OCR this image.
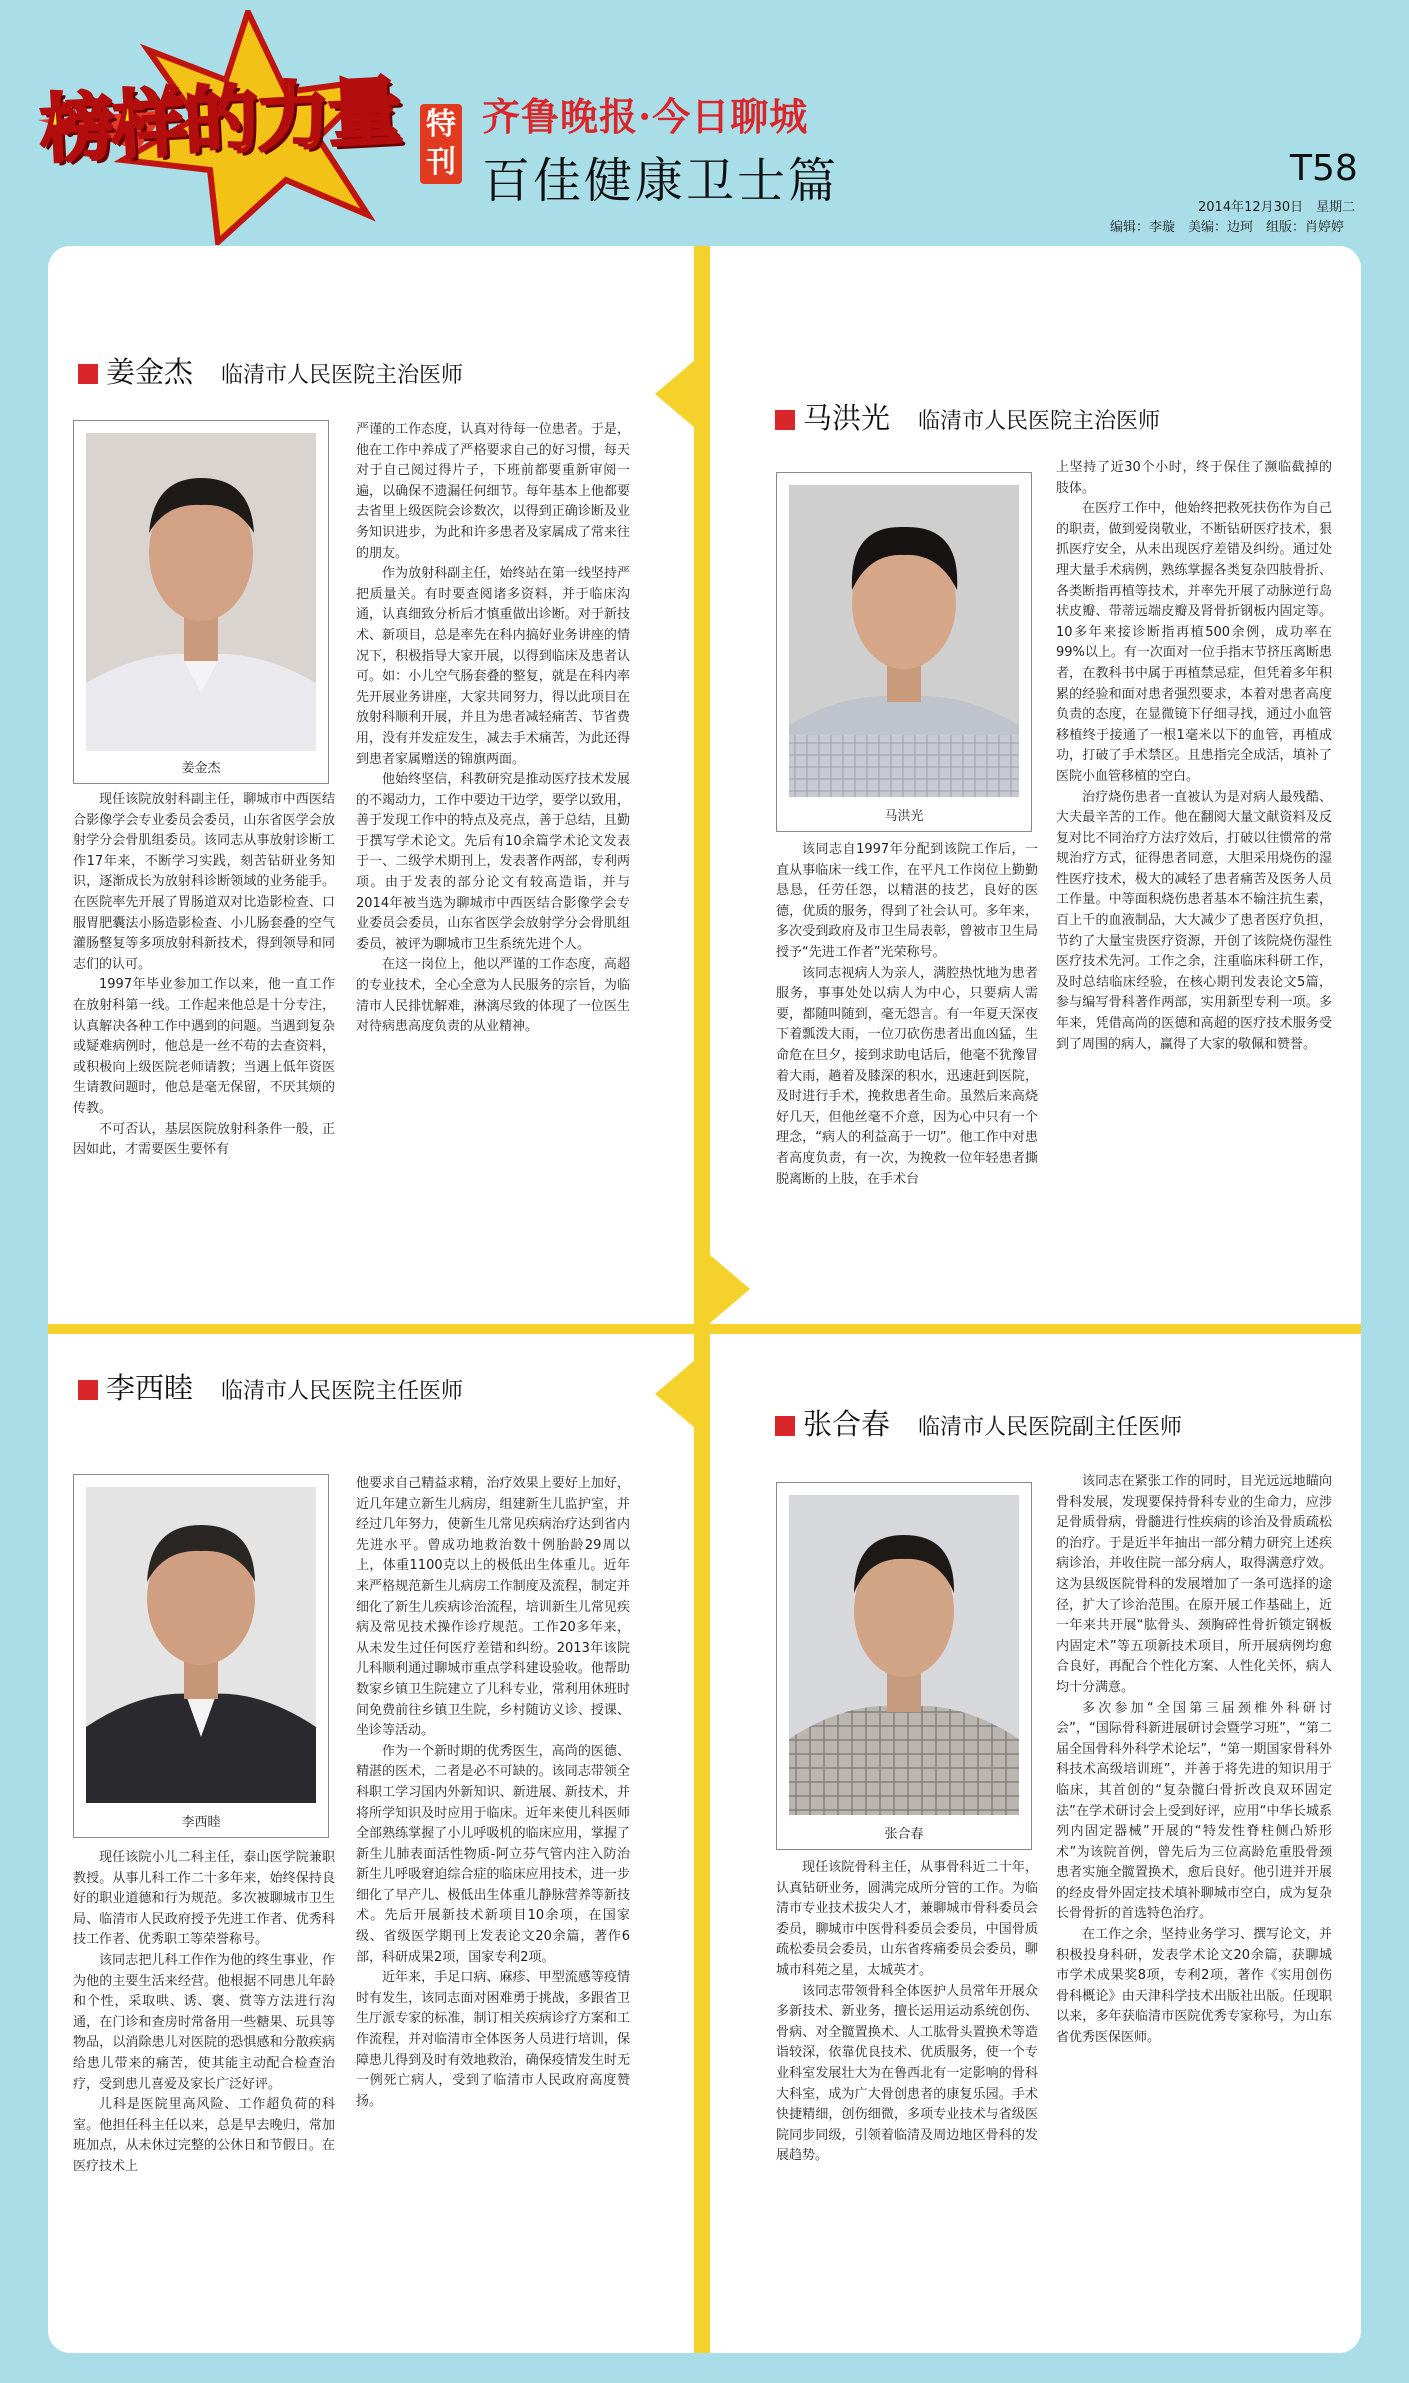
榜样的力量 特
刊
齐鲁晚报·今日聊城
百佳健康卫士篇	T58
2014年12月30日　星期二
编辑：李璇　美编：边珂　组版：肖婷婷
姜金杰 临清市人民医院主治医师
姜金杰

现任该院放射科副主任，聊城市中西医结合影像学会专业委员会委员，山东省医学会放射学分会骨肌组委员。该同志从事放射诊断工作17年来，不断学习实践，刻苦钻研业务知识，逐渐成长为放射科诊断领域的业务能手。在医院率先开展了胃肠道双对比造影检查、口服胃肥囊法小肠造影检查、小儿肠套叠的空气灌肠整复等多项放射科新技术，得到领导和同志们的认可。

1997年毕业参加工作以来，他一直工作在放射科第一线。工作起来他总是十分专注，认真解决各种工作中遇到的问题。当遇到复杂或疑难病例时，他总是一丝不苟的去查资料，或积极向上级医院老师请教；当遇上低年资医生请教问题时，他总是毫无保留，不厌其烦的传教。

不可否认，基层医院放射科条件一般，正因如此，才需要医生要怀有

严谨的工作态度，认真对待每一位患者。于是，他在工作中养成了严格要求自己的好习惯，每天对于自己阅过得片子，下班前都要重新审阅一遍，以确保不遗漏任何细节。每年基本上他都要去省里上级医院会诊数次，以得到正确诊断及业务知识进步，为此和许多患者及家属成了常来往的朋友。

作为放射科副主任，始终站在第一线坚持严把质量关。有时要查阅诸多资料，并于临床沟通，认真细致分析后才慎重做出诊断。对于新技术、新项目，总是率先在科内搞好业务讲座的情况下，积极指导大家开展，以得到临床及患者认可。如：小儿空气肠套叠的整复，就是在科内率先开展业务讲座，大家共同努力，得以此项目在放射科顺利开展，并且为患者减轻痛苦、节省费用，没有并发症发生，减去手术痛苦，为此还得到患者家属赠送的锦旗两面。

他始终坚信，科教研究是推动医疗技术发展的不竭动力，工作中要边干边学，要学以致用，善于发现工作中的特点及亮点，善于总结，且勤于撰写学术论文。先后有10余篇学术论文发表于一、二级学术期刊上，发表著作两部，专利两项。由于发表的部分论文有较高造诣，并与2014年被当选为聊城市中西医结合影像学会专业委员会委员，山东省医学会放射学分会骨肌组委员，被评为聊城市卫生系统先进个人。

在这一岗位上，他以严谨的工作态度，高超的专业技术，全心全意为人民服务的宗旨，为临清市人民排忧解难，淋漓尽致的体现了一位医生对待病患高度负责的从业精神。

马洪光 临清市人民医院主治医师
马洪光

该同志自1997年分配到该院工作后，一直从事临床一线工作，在平凡工作岗位上勤勤恳恳，任劳任怨，以精湛的技艺，良好的医德，优质的服务，得到了社会认可。多年来，多次受到政府及市卫生局表彰，曾被市卫生局授予“先进工作者”光荣称号。

该同志视病人为亲人，满腔热忱地为患者服务，事事处处以病人为中心，只要病人需要，都随叫随到，毫无怨言。有一年夏天深夜下着瓢泼大雨，一位刀砍伤患者出血凶猛，生命危在旦夕，接到求助电话后，他毫不犹豫冒着大雨，趟着及膝深的积水，迅速赶到医院，及时进行手术，挽救患者生命。虽然后来高烧好几天，但他丝毫不介意，因为心中只有一个理念，“病人的利益高于一切”。他工作中对患者高度负责，有一次，为挽救一位年轻患者撕脱离断的上肢，在手术台

上坚持了近30个小时，终于保住了濒临截掉的肢体。

在医疗工作中，他始终把救死扶伤作为自己的职责，做到爱岗敬业，不断钻研医疗技术，狠抓医疗安全，从未出现医疗差错及纠纷。通过处理大量手术病例，熟练掌握各类复杂四肢骨折、各类断指再植等技术，并率先开展了动脉逆行岛状皮瓣、带蒂远端皮瓣及肾骨折钢板内固定等。10多年来接诊断指再植500余例，成功率在99%以上。有一次面对一位手指末节挤压离断患者，在教科书中属于再植禁忌症，但凭着多年积累的经验和面对患者强烈要求，本着对患者高度负责的态度，在显微镜下仔细寻找，通过小血管移植终于接通了一根1毫米以下的血管，再植成功，打破了手术禁区。且患指完全成活，填补了医院小血管移植的空白。

治疗烧伤患者一直被认为是对病人最残酷、大夫最辛苦的工作。他在翻阅大量文献资料及反复对比不同治疗方法疗效后，打破以往惯常的常规治疗方式，征得患者同意，大胆采用烧伤的湿性医疗技术，极大的减轻了患者痛苦及医务人员工作量。中等面积烧伤患者基本不输注抗生素，百上千的血液制品，大大减少了患者医疗负担，节约了大量宝贵医疗资源，开创了该院烧伤湿性医疗技术先河。工作之余，注重临床科研工作，及时总结临床经验，在核心期刊发表论文5篇，参与编写骨科著作两部，实用新型专利一项。多年来，凭借高尚的医德和高超的医疗技术服务受到了周围的病人，赢得了大家的敬佩和赞誉。

李西睦 临清市人民医院主任医师
李西睦

现任该院小儿二科主任，泰山医学院兼职教授。从事儿科工作二十多年来，始终保持良好的职业道德和行为规范。多次被聊城市卫生局、临清市人民政府授予先进工作者、优秀科技工作者、优秀职工等荣誉称号。

该同志把儿科工作作为他的终生事业，作为他的主要生活来经营。他根据不同患儿年龄和个性，采取哄、诱、褒、赏等方法进行沟通，在门诊和查房时常备用一些糖果、玩具等物品，以消除患儿对医院的恐惧感和分散疾病给患儿带来的痛苦，使其能主动配合检查治疗，受到患儿喜爱及家长广泛好评。

儿科是医院里高风险、工作超负荷的科室。他担任科主任以来，总是早去晚归，常加班加点，从未休过完整的公休日和节假日。在医疗技术上

他要求自己精益求精，治疗效果上要好上加好，近几年建立新生儿病房，组建新生儿监护室，并经过几年努力，使新生儿常见疾病治疗达到省内先进水平。曾成功地救治数十例胎龄29周以上，体重1100克以上的极低出生体重儿。近年来严格规范新生儿病房工作制度及流程，制定并细化了新生儿疾病诊治流程，培训新生儿常见疾病及常见技术操作诊疗规范。工作20多年来，从未发生过任何医疗差错和纠纷。2013年该院儿科顺利通过聊城市重点学科建设验收。他帮助数家乡镇卫生院建立了儿科专业，常利用休班时间免费前往乡镇卫生院，乡村随访义诊、授课、坐诊等活动。

作为一个新时期的优秀医生，高尚的医德、精湛的医术，二者是必不可缺的。该同志带领全科职工学习国内外新知识、新进展、新技术，并将所学知识及时应用于临床。近年来使儿科医师全部熟练掌握了小儿呼吸机的临床应用，掌握了新生儿肺表面活性物质-阿立芬气管内注入防治新生儿呼吸窘迫综合症的临床应用技术，进一步细化了早产儿、极低出生体重儿静脉营养等新技术。先后开展新技术新项目10余项，在国家级、省级医学期刊上发表论文20余篇，著作6部，科研成果2项，国家专利2项。

近年来，手足口病、麻疹、甲型流感等疫情时有发生，该同志面对困难勇于挑战，多跟省卫生厅派专家的标准，制订相关疾病诊疗方案和工作流程，并对临清市全体医务人员进行培训，保障患儿得到及时有效地救治，确保疫情发生时无一例死亡病人，受到了临清市人民政府高度赞扬。

张合春 临清市人民医院副主任医师
张合春

现任该院骨科主任，从事骨科近二十年，认真钻研业务，圆满完成所分管的工作。为临清市专业技术拔尖人才，兼聊城市骨科委员会委员，聊城市中医骨科委员会委员，中国骨质疏松委员会委员，山东省疼痛委员会委员，聊城市科苑之星，太城英才。

该同志带领骨科全体医护人员常年开展众多新技术、新业务，擅长运用运动系统创伤、骨病、对全髋置换术、人工肱骨头置换术等造诣较深，依靠优良技术、优质服务，使一个专业科室发展壮大为在鲁西北有一定影响的骨科大科室，成为广大骨创患者的康复乐园。手术快捷精细，创伤细微，多项专业技术与省级医院同步同级，引领着临清及周边地区骨科的发展趋势。

该同志在紧张工作的同时，目光远远地瞄向骨科发展，发现要保持骨科专业的生命力，应涉足骨质骨病，骨髓进行性疾病的诊治及骨质疏松的治疗。于是近半年抽出一部分精力研究上述疾病诊治，并收住院一部分病人，取得满意疗效。这为县级医院骨科的发展增加了一条可选择的途径，扩大了诊治范围。在原开展工作基础上，近一年来共开展“肱骨头、颈胸碎性骨折锁定钢板内固定术”等五项新技术项目，所开展病例均愈合良好，再配合个性化方案、人性化关怀，病人均十分满意。

多次参加“全国第三届颈椎外科研讨会”，“国际骨科新进展研讨会暨学习班”，“第二届全国骨科外科学术论坛”，“第一期国家骨科外科技术高级培训班”，并善于将先进的知识用于临床，其首创的“复杂髋臼骨折改良双环固定法”在学术研讨会上受到好评，应用“中华长城系列内固定器械”开展的“特发性脊柱侧凸矫形术”为该院首例，曾先后为三位高龄危重股骨颈患者实施全髋置换术，愈后良好。他引进并开展的经皮骨外固定技术填补聊城市空白，成为复杂长骨骨折的首选特色治疗。

在工作之余，坚持业务学习、撰写论文，并积极投身科研，发表学术论文20余篇，获聊城市学术成果奖8项，专利2项，著作《实用创伤骨科概论》由天津科学技术出版社出版。任现职以来，多年获临清市医院优秀专家称号，为山东省优秀医保医师。
